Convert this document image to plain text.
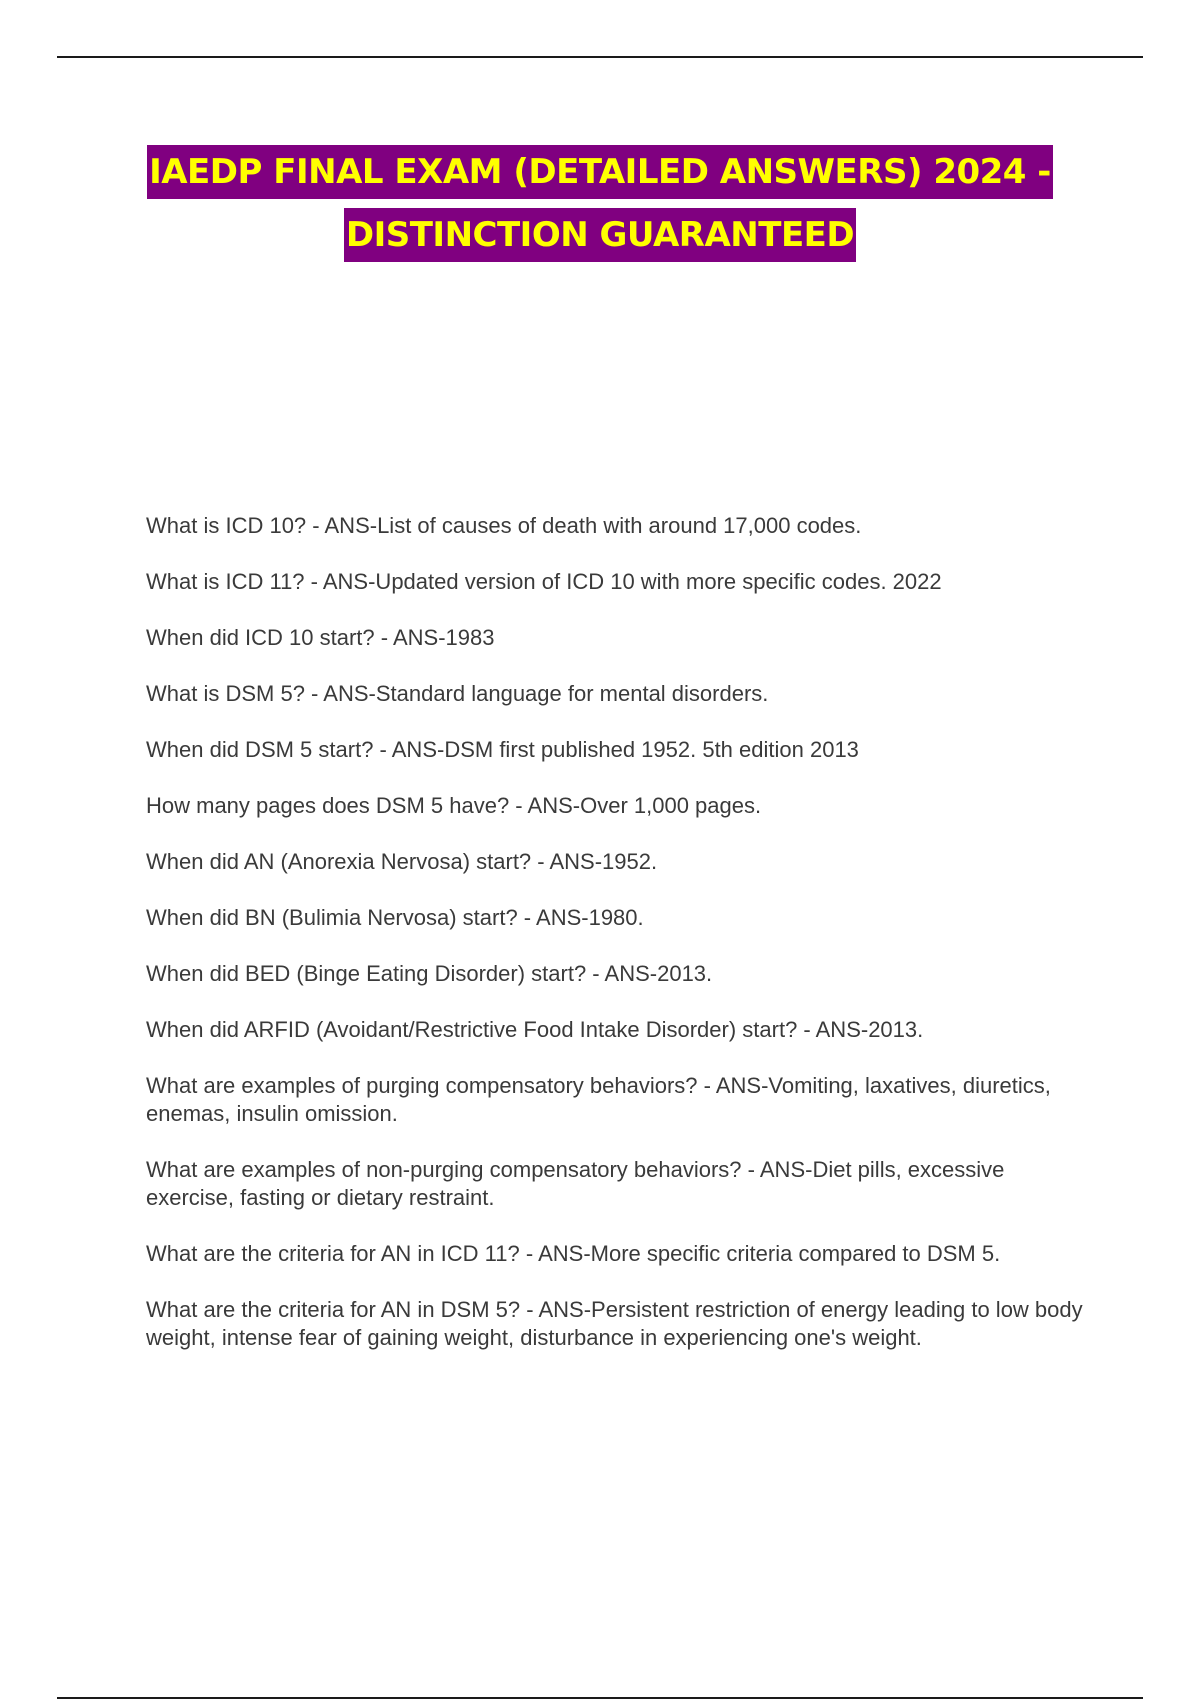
IAEDP FINAL EXAM (DETAILED ANSWERS) 2024 -
DISTINCTION GUARANTEED
What is ICD 10? - ANS-List of causes of death with around 17,000 codes.
What is ICD 11? - ANS-Updated version of ICD 10 with more specific codes. 2022
When did ICD 10 start? - ANS-1983
What is DSM 5? - ANS-Standard language for mental disorders.
When did DSM 5 start? - ANS-DSM first published 1952. 5th edition 2013
How many pages does DSM 5 have? - ANS-Over 1,000 pages.
When did AN (Anorexia Nervosa) start? - ANS-1952.
When did BN (Bulimia Nervosa) start? - ANS-1980.
When did BED (Binge Eating Disorder) start? - ANS-2013.
When did ARFID (Avoidant/Restrictive Food Intake Disorder) start? - ANS-2013.
What are examples of purging compensatory behaviors? - ANS-Vomiting, laxatives, diuretics, enemas, insulin omission.
What are examples of non-purging compensatory behaviors? - ANS-Diet pills, excessive exercise, fasting or dietary restraint.
What are the criteria for AN in ICD 11? - ANS-More specific criteria compared to DSM 5.
What are the criteria for AN in DSM 5? - ANS-Persistent restriction of energy leading to low body weight, intense fear of gaining weight, disturbance in experiencing one's weight.
